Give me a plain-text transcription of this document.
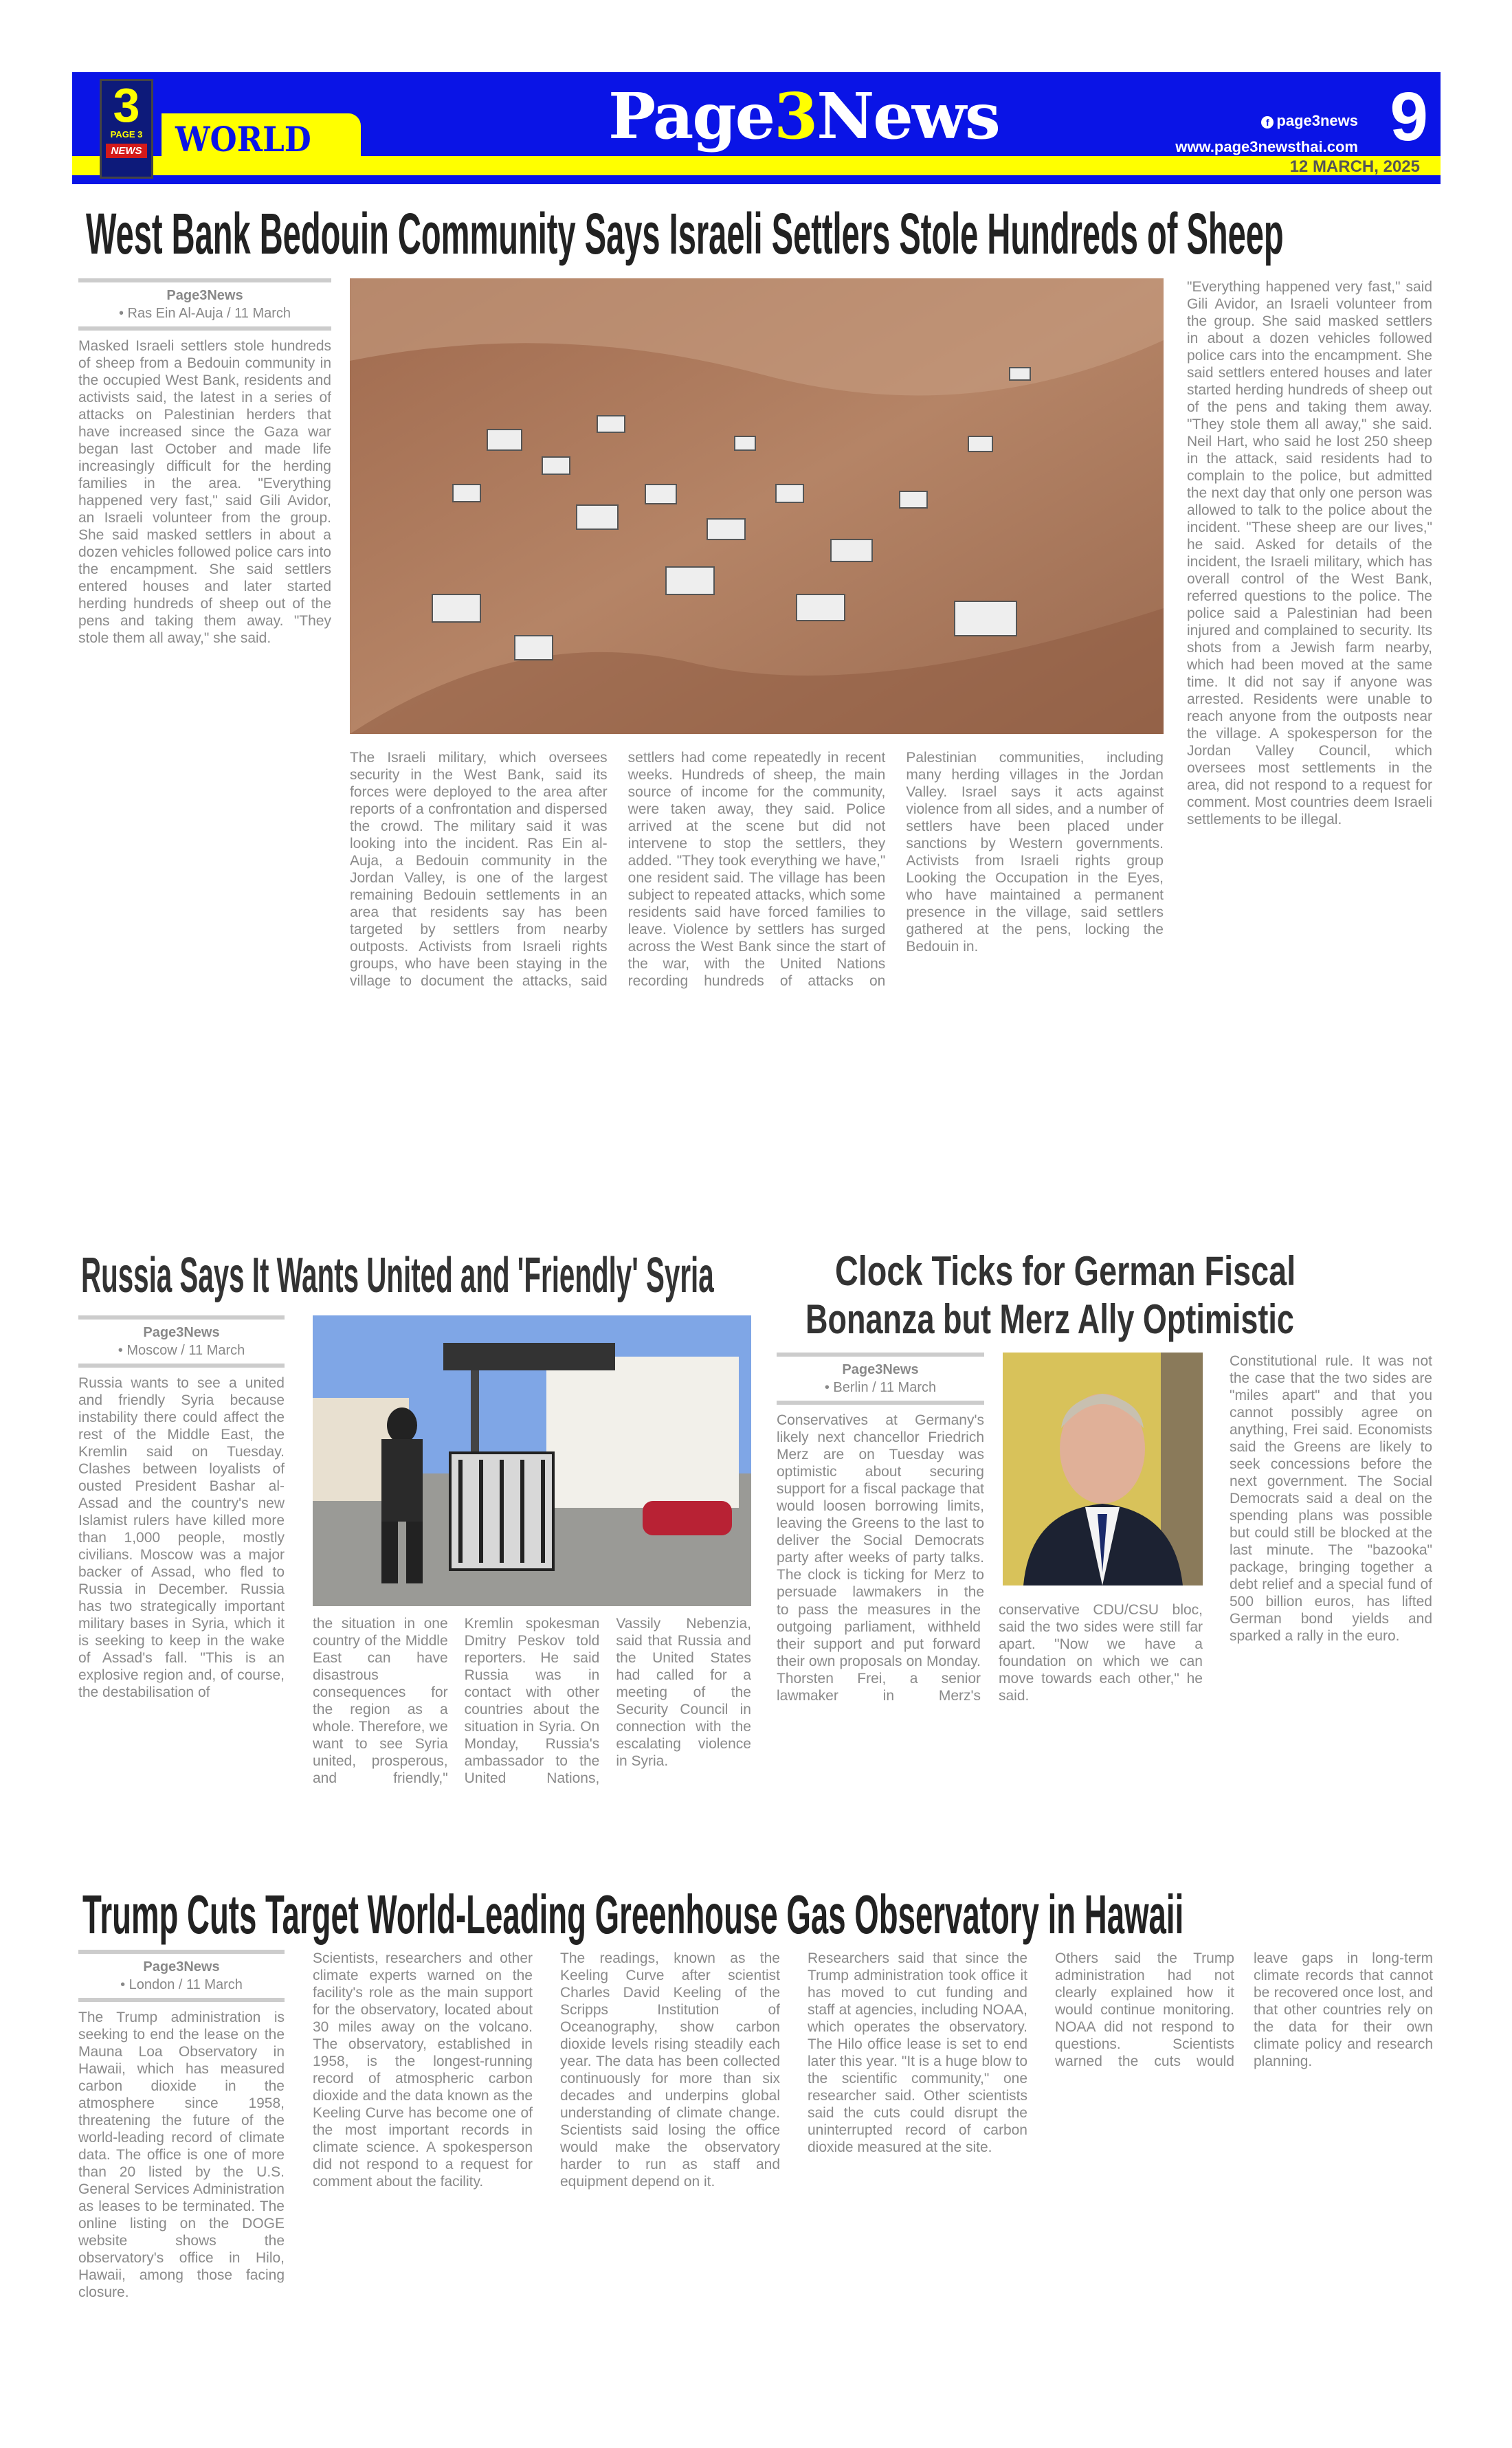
WORLD
3
PAGE 3
NEWS	Page3News	f page3news
www.page3newsthai.com 9
12 MARCH, 2025
West Bank Bedouin Community Says Israeli Settlers Stole Hundreds of Sheep
Page3News
• Ras Ein Al-Auja / 11 March

Masked Israeli settlers stole hundreds of sheep from a Bedouin community in the occupied West Bank, residents and activists said, the latest in a series of attacks on Palestinian herders that have increased since the Gaza war began last October and made life increasingly difficult for the herding families in the area. "Everything happened very fast," said Gili Avidor, an Israeli volunteer from the group. She said masked settlers in about a dozen vehicles followed police cars into the encampment. She said settlers entered houses and later started herding hundreds of sheep out of the pens and taking them away. "They stole them all away," she said.

The Israeli military, which oversees security in the West Bank, said its forces were deployed to the area after reports of a confrontation and dispersed the crowd. The military said it was looking into the incident. Ras Ein al-Auja, a Bedouin community in the Jordan Valley, is one of the largest remaining Bedouin settlements in an area that residents say has been targeted by settlers from nearby outposts. Activists from Israeli rights groups, who have been staying in the village to document the attacks, said settlers had come repeatedly in recent weeks. Hundreds of sheep, the main source of income for the community, were taken away, they said. Police arrived at the scene but did not intervene to stop the settlers, they added. "They took everything we have," one resident said. The village has been subject to repeated attacks, which some residents said have forced families to leave. Violence by settlers has surged across the West Bank since the start of the war, with the United Nations recording hundreds of attacks on Palestinian communities, including many herding villages in the Jordan Valley. Israel says it acts against violence from all sides, and a number of settlers have been placed under sanctions by Western governments. Activists from Israeli rights group Looking the Occupation in the Eyes, who have maintained a permanent presence in the village, said settlers gathered at the pens, locking the Bedouin in.

"Everything happened very fast," said Gili Avidor, an Israeli volunteer from the group. She said masked settlers in about a dozen vehicles followed police cars into the encampment. She said settlers entered houses and later started herding hundreds of sheep out of the pens and taking them away. "They stole them all away," she said. Neil Hart, who said he lost 250 sheep in the attack, said residents had to complain to the police, but admitted the next day that only one person was allowed to talk to the police about the incident. "These sheep are our lives," he said. Asked for details of the incident, the Israeli military, which has overall control of the West Bank, referred questions to the police. The police said a Palestinian had been injured and complained to security. Its shots from a Jewish farm nearby, which had been moved at the same time. It did not say if anyone was arrested. Residents were unable to reach anyone from the outposts near the village. A spokesperson for the Jordan Valley Council, which oversees most settlements in the area, did not respond to a request for comment. Most countries deem Israeli settlements to be illegal.

Russia Says It Wants United and 'Friendly' Syria
Page3News
• Moscow / 11 March

Russia wants to see a united and friendly Syria because instability there could affect the rest of the Middle East, the Kremlin said on Tuesday. Clashes between loyalists of ousted President Bashar al-Assad and the country's new Islamist rulers have killed more than 1,000 people, mostly civilians. Moscow was a major backer of Assad, who fled to Russia in December. Russia has two strategically important military bases in Syria, which it is seeking to keep in the wake of Assad's fall. "This is an explosive region and, of course, the destabilisation of

the situation in one country of the Middle East can have disastrous consequences for the region as a whole. Therefore, we want to see Syria united, prosperous, and friendly," Kremlin spokesman Dmitry Peskov told reporters. He said Russia was in contact with other countries about the situation in Syria. On Monday, Russia's ambassador to the United Nations, Vassily Nebenzia, said that Russia and the United States had called for a meeting of the Security Council in connection with the escalating violence in Syria.

Clock Ticks for German Fiscal
Bonanza but Merz Ally Optimistic
Page3News
• Berlin / 11 March

Conservatives at Germany's likely next chancellor Friedrich Merz are on Tuesday was optimistic about securing support for a fiscal package that would loosen borrowing limits, leaving the Greens to the last to deliver the Social Democrats party after weeks of party talks. The clock is ticking for Merz to persuade lawmakers in the

to pass the measures in the outgoing parliament, withheld their support and put forward their own proposals on Monday. Thorsten Frei, a senior lawmaker in Merz's conservative CDU/CSU bloc, said the two sides were still far apart. "Now we have a foundation on which we can move towards each other," he said.

Constitutional rule. It was not the case that the two sides are "miles apart" and that you cannot possibly agree on anything, Frei said. Economists said the Greens are likely to seek concessions before the next government. The Social Democrats said a deal on the spending plans was possible but could still be blocked at the last minute. The "bazooka" package, bringing together a debt relief and a special fund of 500 billion euros, has lifted German bond yields and sparked a rally in the euro.

Trump Cuts Target World-Leading Greenhouse Gas Observatory in Hawaii
Page3News
• London / 11 March

The Trump administration is seeking to end the lease on the Mauna Loa Observatory in Hawaii, which has measured carbon dioxide in the atmosphere since 1958, threatening the future of the world-leading record of climate data. The office is one of more than 20 listed by the U.S. General Services Administration as leases to be terminated. The online listing on the DOGE website shows the observatory's office in Hilo, Hawaii, among those facing closure.

Scientists, researchers and other climate experts warned on the facility's role as the main support for the observatory, located about 30 miles away on the volcano. The observatory, established in 1958, is the longest-running record of atmospheric carbon dioxide and the data known as the Keeling Curve has become one of the most important records in climate science. A spokesperson did not respond to a request for comment about the facility.

The readings, known as the Keeling Curve after scientist Charles David Keeling of the Scripps Institution of Oceanography, show carbon dioxide levels rising steadily each year. The data has been collected continuously for more than six decades and underpins global understanding of climate change. Scientists said losing the office would make the observatory harder to run as staff and equipment depend on it.

Researchers said that since the Trump administration took office it has moved to cut funding and staff at agencies, including NOAA, which operates the observatory. The Hilo office lease is set to end later this year. "It is a huge blow to the scientific community," one researcher said. Other scientists said the cuts could disrupt the uninterrupted record of carbon dioxide measured at the site.

Others said the Trump administration had not clearly explained how it would continue monitoring. NOAA did not respond to questions. Scientists warned the cuts would leave gaps in long-term climate records that cannot be recovered once lost, and that other countries rely on the data for their own climate policy and research planning.
